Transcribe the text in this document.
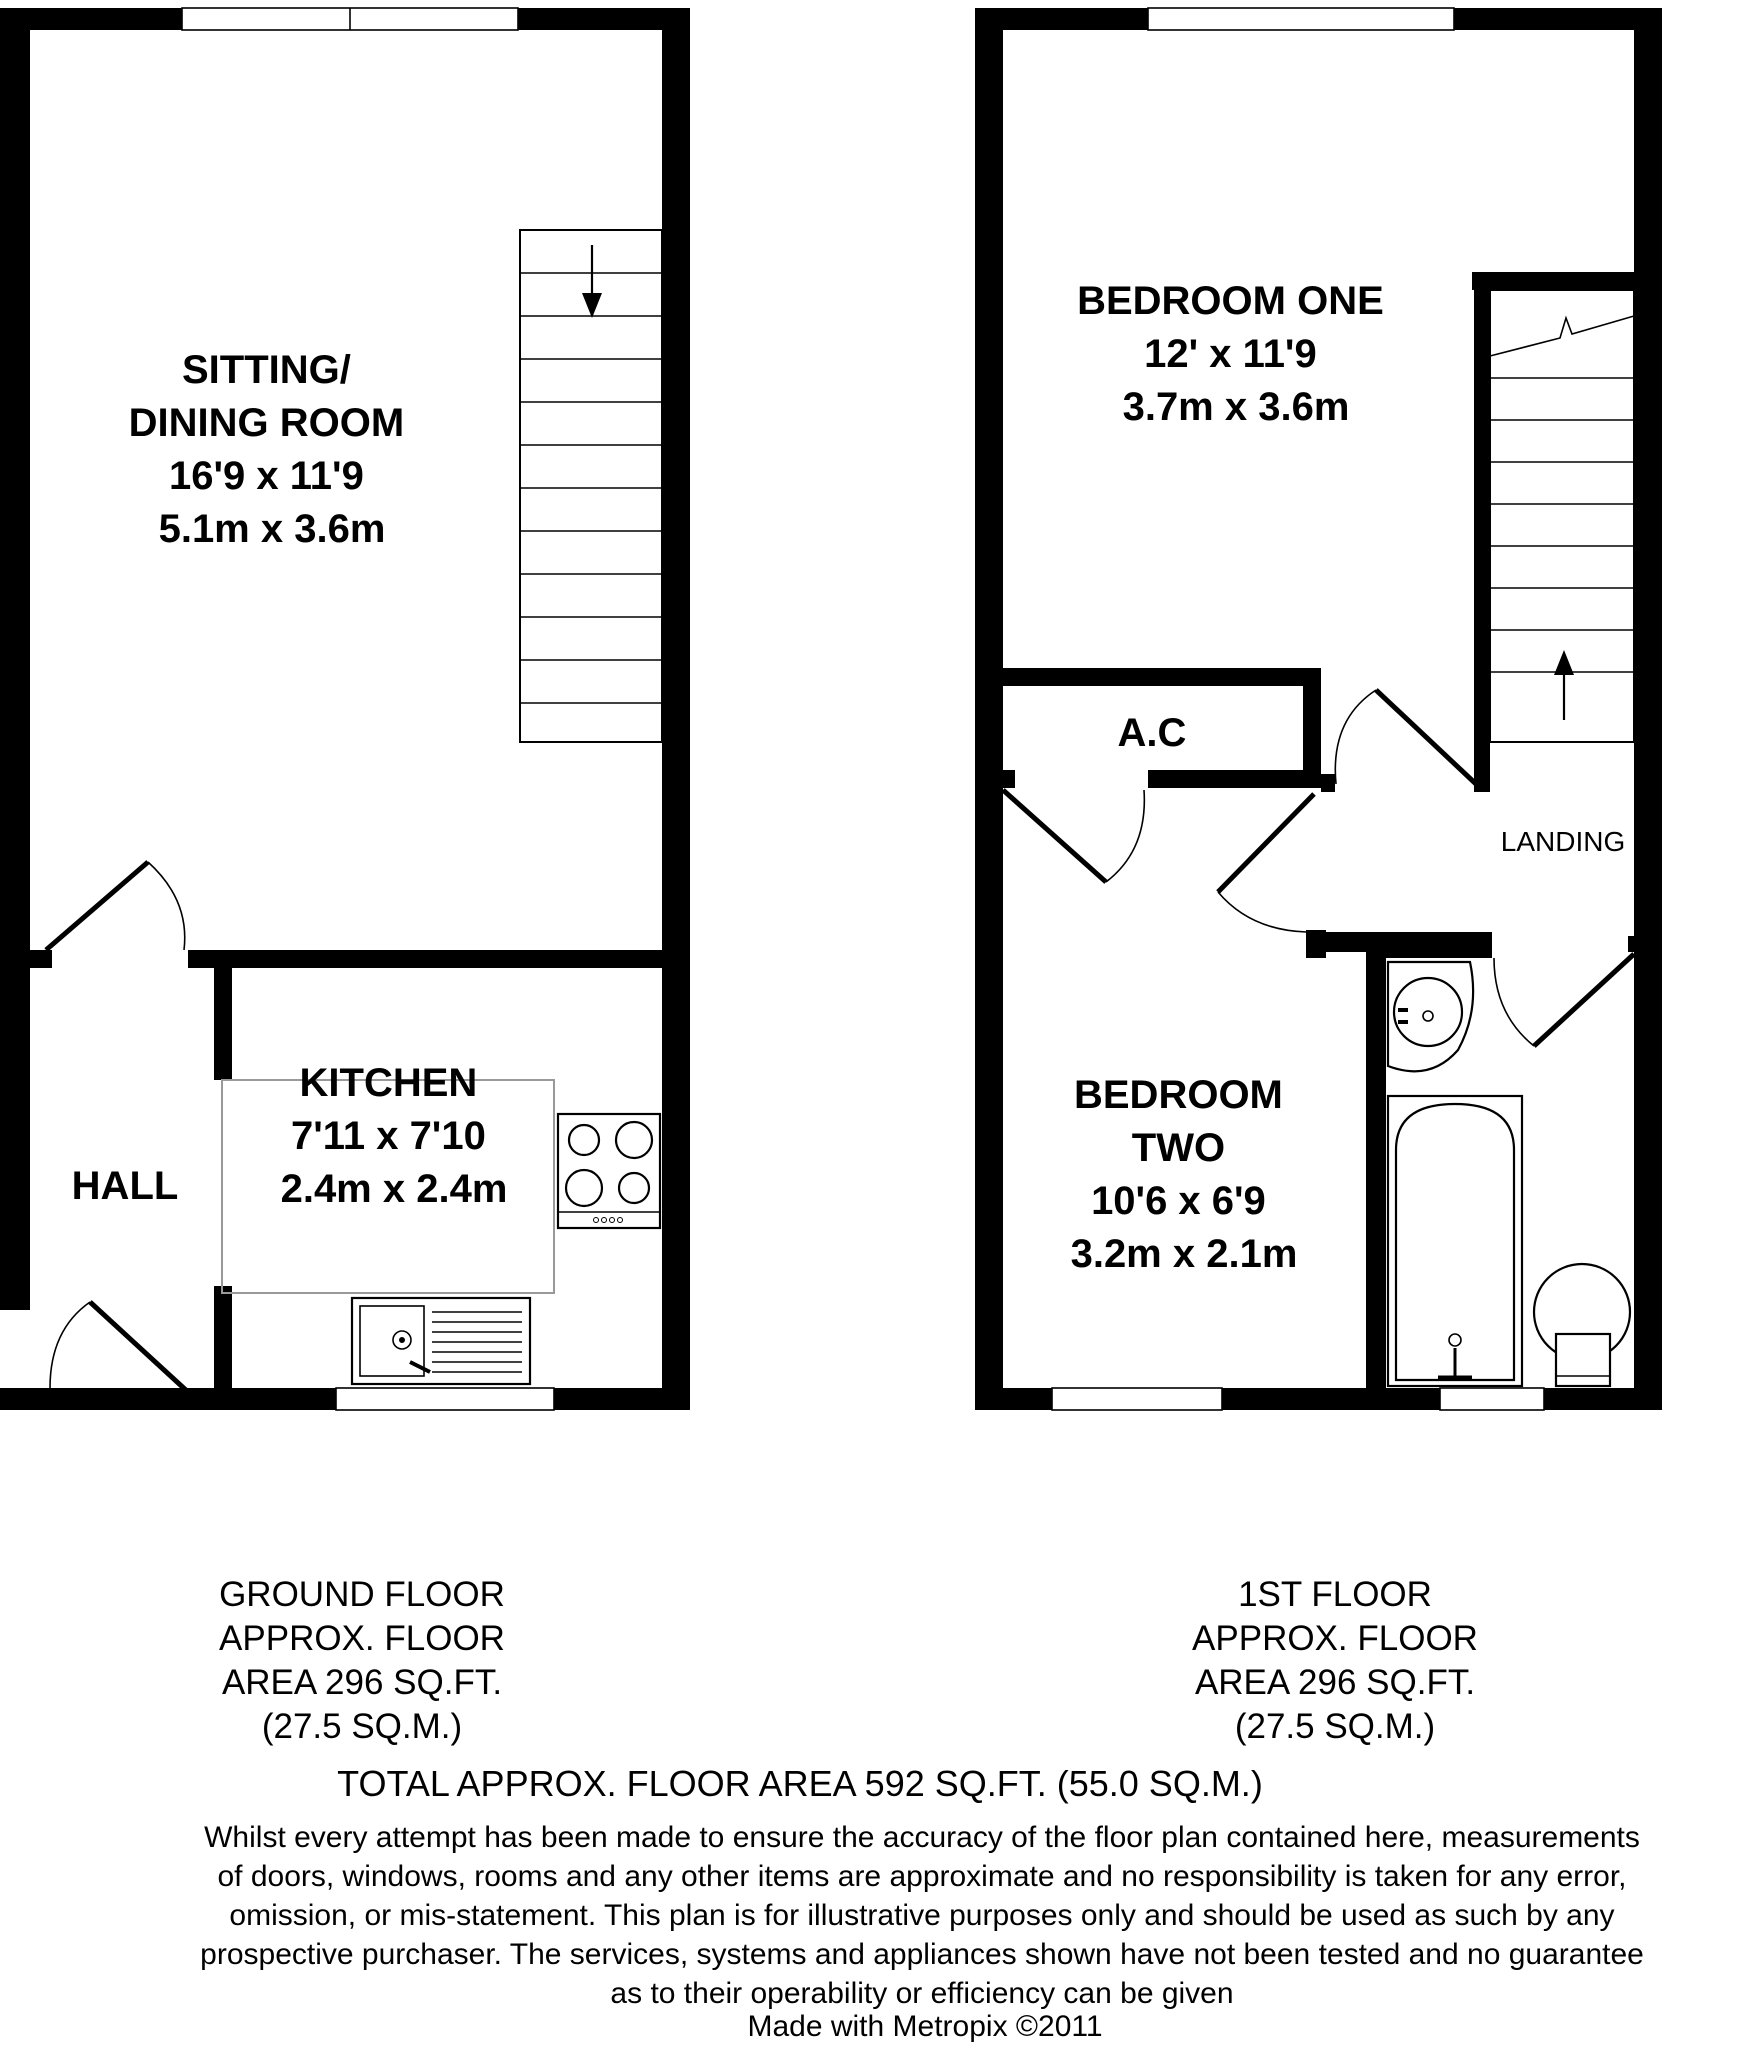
SITTING/ DINING ROOM 16'9 x 11'9 5.1m x 3.6m
KITCHEN 7'11 x 7'10 2.4m x 2.4m
HALL
BEDROOM ONE 12' x 11'9 3.7m x 3.6m
BEDROOM TWO 10'6 x 6'9 3.2m x 2.1m
A.C
LANDING
GROUND FLOOR
APPROX. FLOOR
AREA 296 SQ.FT.
(27.5 SQ.M.)
1ST FLOOR
APPROX. FLOOR
AREA 296 SQ.FT.
(27.5 SQ.M.)
TOTAL APPROX. FLOOR AREA 592 SQ.FT. (55.0 SQ.M.)
Whilst every attempt has been made to ensure the accuracy of the floor plan contained here, measurements
of doors, windows, rooms and any other items are approximate and no responsibility is taken for any error,
omission, or mis-statement. This plan is for illustrative purposes only and should be used as such by any
prospective purchaser. The services, systems and appliances shown have not been tested and no guarantee
as to their operability or efficiency can be given
Made with Metropix ©2011
